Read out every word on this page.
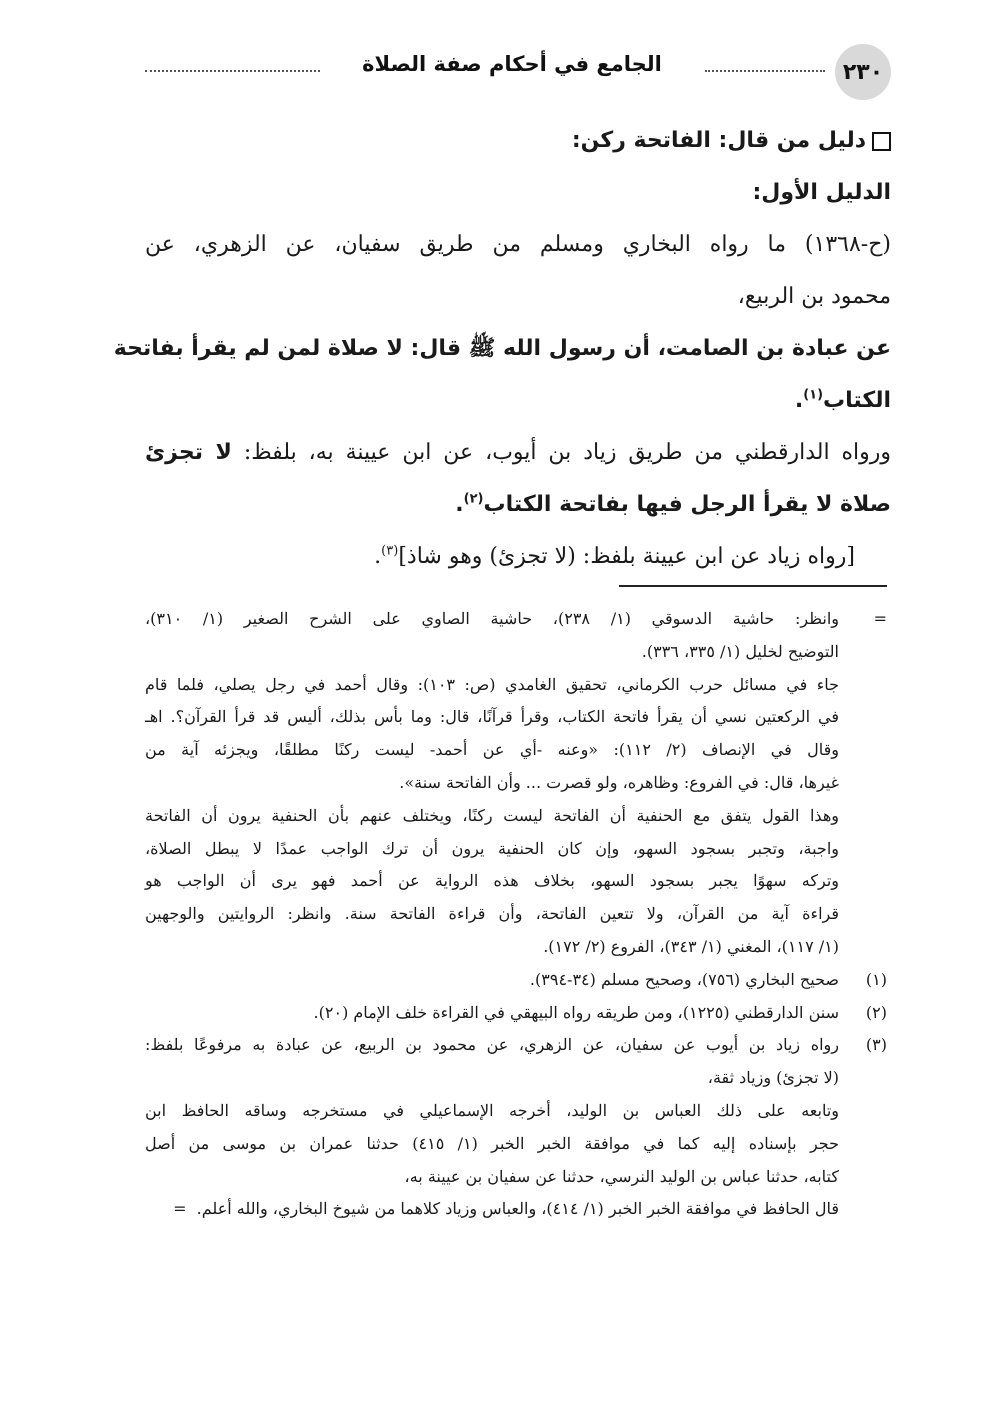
٢٣٠
الجامع في أحكام صفة الصلاة
دليل من قال: الفاتحة ركن:
الدليل الأول:
(ح-١٣٦٨) ما رواه البخاري ومسلم من طريق سفيان، عن الزهري، عن
محمود بن الربيع،
عن عبادة بن الصامت، أن رسول الله ﷺ قال: لا صلاة لمن لم يقرأ بفاتحة
الكتاب$^{(١)}$.
ورواه الدارقطني من طريق زياد بن أيوب، عن ابن عيينة به، بلفظ: لا تجزئ
صلاة لا يقرأ الرجل فيها بفاتحة الكتاب$^{(٢)}$.
[رواه زياد عن ابن عيينة بلفظ: (لا تجزئ) وهو شاذ]$^{(٣)}$.
=
وانظر: حاشية الدسوقي (١/ ٢٣٨)، حاشية الصاوي على الشرح الصغير (١/ ٣١٠)،
التوضيح لخليل (١/ ٣٣٥، ٣٣٦).
جاء في مسائل حرب الكرماني، تحقيق الغامدي (ص: ١٠٣): وقال أحمد في رجل يصلي، فلما قام
في الركعتين نسي أن يقرأ فاتحة الكتاب، وقرأ قرآنًا، قال: وما بأس بذلك، أليس قد قرأ القرآن؟. اهـ
وقال في الإنصاف (٢/ ١١٢): «وعنه -أي عن أحمد- ليست ركنًا مطلقًا، ويجزئه آية من
غيرها، قال: في الفروع: وظاهره، ولو قصرت ... وأن الفاتحة سنة».
وهذا القول يتفق مع الحنفية أن الفاتحة ليست ركنًا، ويختلف عنهم بأن الحنفية يرون أن الفاتحة
واجبة، وتجبر بسجود السهو، وإن كان الحنفية يرون أن ترك الواجب عمدًا لا يبطل الصلاة،
وتركه سهوًا يجبر بسجود السهو، بخلاف هذه الرواية عن أحمد فهو يرى أن الواجب هو
قراءة آية من القرآن، ولا تتعين الفاتحة، وأن قراءة الفاتحة سنة. وانظر: الروايتين والوجهين
(١/ ١١٧)، المغني (١/ ٣٤٣)، الفروع (٢/ ١٧٢).
(١)
صحيح البخاري (٧٥٦)، وصحيح مسلم (٣٤-٣٩٤).
(٢)
سنن الدارقطني (١٢٢٥)، ومن طريقه رواه البيهقي في القراءة خلف الإمام (٢٠).
(٣)
رواه زياد بن أيوب عن سفيان، عن الزهري، عن محمود بن الربيع، عن عبادة به مرفوعًا بلفظ:
(لا تجزئ) وزياد ثقة،
وتابعه على ذلك العباس بن الوليد، أخرجه الإسماعيلي في مستخرجه وساقه الحافظ ابن
حجر بإسناده إليه كما في موافقة الخبر الخبر (١/ ٤١٥) حدثنا عمران بن موسى من أصل
كتابه، حدثنا عباس بن الوليد النرسي، حدثنا عن سفيان بن عيينة به،
قال الحافظ في موافقة الخبر الخبر (١/ ٤١٤)، والعباس وزياد كلاهما من شيوخ البخاري، والله أعلم.  =
